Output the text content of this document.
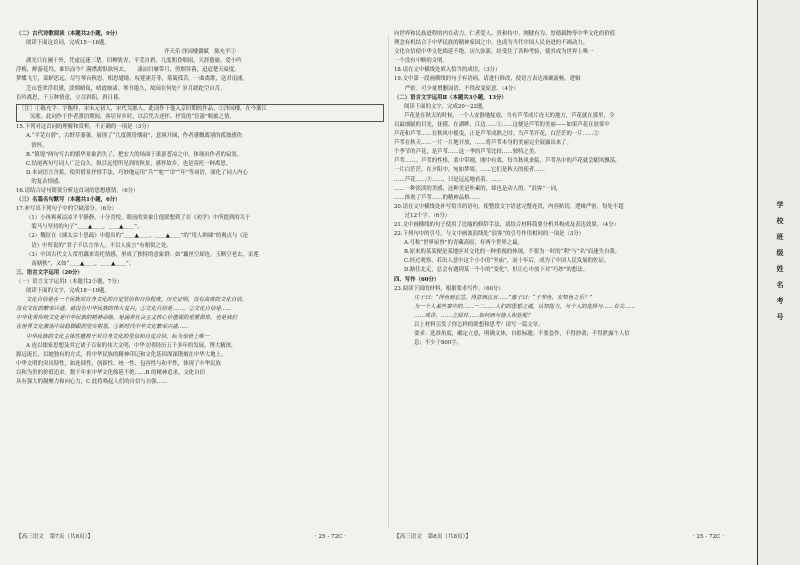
（二）古代诗歌阅读（本题共2小题，9分）
阅读下面这首词，完成15～16题。
齐天乐·泽国楼偶赋　陈允平①
湖光只在阑干外，凭虚远迷三楚。旧柳犹青，平芜自碧，几度朝昏烟雨。天涯倦旅。爱小吟
浮梅，醉游花坞。谁识而今？满襟离恨欲何去。　　凄凉归雁带月，剪烟穿暮，迢迢楚天暗度。
梦蝶飞尘，菜鲈思远，尽写琴台秋思。相思缱绻。叹莲浦芳菲，菊篱孤苦。一曲离歌，送君南浦。
芝山苍翠浮眉黛，淡烟晴岚，晴霞映渚。琴书倦久，故园在何处？岁月蹉跎空自苦。
长吟离思，千万种情意，立尽斜阳，斜日暮。
［注］①陈允平：字衡仲，宋末元初人，宋代吴淞人。此词作于他入京时期的作品。②泽国楼，在今浙江
　　吴淞。此词作于作者漂泊期间，客居异乡时，以后凭古述怀，抒发的“宦游”羁旅之情。
15.下列对这首词的理解和赏析，不正确的一项是（3分）
A.“平芜自碧”，古野草萋萋，展现了“几度朝昏烟雨”，意境开阔，作者感慨离别的孤独感伤
　情怀。
B.“镇堤”两句写古的繁华景象消失了，把宏大的场面于萧瑟苍凉之中，体现出作者的寂寞。
C.结尾两句写词人广泛良久，纵目远望所见到的秋景，感怀故乡，也是寄托一种离思。
D.本词语言含蓄，使用借景抒情手法，巧妙地运用“兵”“驼”“帘”“年”等词语，深化了词人内心
　的复杂情感。
16.请结合诗句简要分析这首词的思想感情。（6分）
（三）名篇名句默写（本题共1小题，6分）
17.补写出下列句子中的空缺部分。（6分）
（1）小孩爽爽凉凉平平静静，十分喜悦，眼前的景象让他联想到了在《劝学》中所提到的关于
　裂马与坚持的句子“＿＿▲＿＿，＿＿▲＿＿”。
（2）魏征在《谏太宗十思疏》中提出的“＿＿▲＿＿，＿＿▲＿＿”的“用人纳谏”的观点与《论
　语》中所说的“君子不以言举人，不以人废言”有相似之处。
（3）中国古代文人常用藕来寄托情感，形成了独特的意象群：如“藕丝空却连，玉断空老去，采莲
　南塘秋”，又如“＿＿▲＿＿，＿＿▲＿＿”。
三、语言文字运用（20分）
（一）语言文字运用Ⅰ（本题共2小题，7分）
阅读下面的文字，完成18～19题。
文化自信是在一个民族对自身文化的自觉坚信和自信程度。历史证明，没有高度的文化自信，
没有文化的繁荣兴盛，就没有中华民族的伟大复兴。①文化自信是……，②文化自信是……
中华优秀传统文化是中华民族的精神命脉，是涵养社会主义核心价值观的重要源泉，也是我们
在世界文化激荡中站稳脚跟的坚实根基。③新时代中华文化繁荣兴盛……
中华民族的文化主体性植根于对自身文化的坚信和自觉自信，标为举世上唯一
A 连以儒家思想及其它诸子百家的伟大文明，中华文明经历五千多年的发展，博大精深，
源远流长，以她独有的方式，将中华民族的精神印记和文化基因深深镌刻在中华大地上。
中华文明的突出特性，如连续性、创新性、统一性、包容性与和平性，体现了中华民族
以和为贵的价值追求。数千年来中华文化绵延不绝……B 的精神追求，文化自信
具有强大的凝聚力和向心力，C 此将唤起人们的自信与自强……
向世界和民族进程的内在动力。仁者爱人、贵和持中、刚健有为、厚德载物等中华文化的价值
理念有机结合于中华民族的精神家园之中，也成为当代中国人民奋进的不竭动力。
文化自信使中华文化绵延不绝，历久弥新，经受住了各种考验，使其成为世界上唯一
一个没有中断的文明。
18.请在文中横线处填入恰当的成语。（3分）
19.文中第一段画横线的句子有语病，请进行修改，使语言表达准确流畅，逻辑
　　严密。可少量增删词语，不得改变原意。（4分）
（二）语言文字运用Ⅱ（本题共3小题，13分）
阅读下面的文字，完成20～22题。
芦花是在秋天的时候，一个人安静地绽放，当有芦苇成片连天的地方，芦花就在那里，令
以最细腻的目光，抚摸。在湖畔、江边……①……这便是芦苇的美丽——如果芦花在晨雾中
芦花和芦苇……在秋风中摇曳，正是芦苇成熟之时。当芦苇开花，白茫茫的一片……②
芦苇在秋天……一片一片地开放，……将芦苇本身的美丽完全展露出来了。
个季节的芦花，是芦苇……这一季的芦苇比较……独特之美。
芦苇……。芦苇的性格，柔中带刚，刚中有柔，每当秋风来临，芦苇丛中的芦花就会随风飘荡，
一片白茫茫，在夕阳中，宛如梦境。……它们是秋天的使者……
……芦花……③……，只是远远地看着，……
……一种淡淡的美感，这种美是朴素的，却也是动人的。“浪客”一词，
……体现了芦苇……的精神品格……
20.请在文中横线处补写恰当的语句，使整段文字语意完整连贯，内容贴切，逻辑严密，每处不超
　　过12个字。（6分）
21.文中画横线的句子使用了比喻的修辞手法，请结合材料简要分析其构成及表达效果。（4分）
22.下列句中的引号，与文中画波浪线处“浪客”的引号作用相同的一项是（3分）
A.号称“世界屋脊”的青藏高原，有两个世界之最。
B.原来的某某便是某地区对文化的一种重视的体现，不要为一时的“利”与“名”而迷失自我。
C.经过观察，若出人意中这个小小的“坐庙”，而十年后，成为了中国人民发展的佐证。
D.路往北走，总会有遇到某一个小的“变化”，但让心中放下对“巧妙”的想法。
四、写作（60分）
23.阅读下面的材料，根据要求写作。（60分）
庄子曰：“得鱼而忘筌，得意而忘言……”惠子曰：“子非鱼，安知鱼之乐？”
为一个人某些事中的……一二……人们的思想之诚，认知能力，与个人的选择与……有关……
……或许，……之间对……如何而与他人和处呢？
以上材料引发了你怎样的联想和思考？请写一篇文章。
要求：选准角度，确定立意，明确文体，自拟标题；不要套作，不得抄袭；不得泄露个人信
息；不少于800字。
【高三语文　第7页（共8页）】	· 25 - 72C ·	【高三语文　第8页（共8页）】	· 25 - 72C ·
学
校
班
级
姓
名
考
号
